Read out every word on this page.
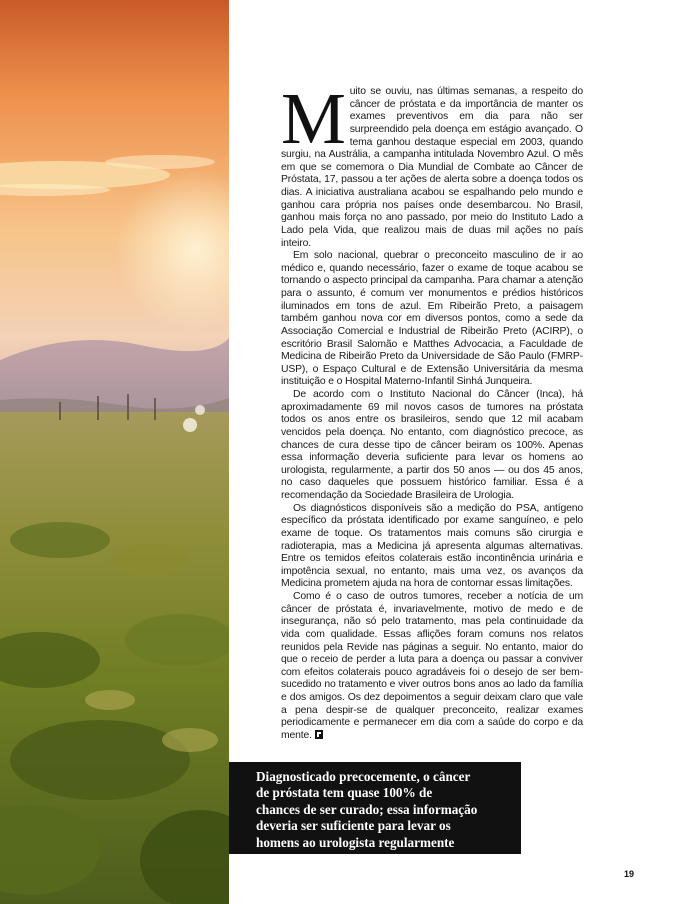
Muito se ouviu, nas últimas semanas, a respeito do câncer de próstata e da importância de manter os exames preventivos em dia para não ser surpreendido pela doença em estágio avançado. O tema ganhou destaque especial em 2003, quando surgiu, na Austrália, a campanha intitulada Novembro Azul. O mês em que se comemora o Dia Mundial de Combate ao Câncer de Próstata, 17, passou a ter ações de alerta sobre a doença todos os dias. A iniciativa australiana acabou se espalhando pelo mundo e ganhou cara própria nos países onde desembarcou. No Brasil, ganhou mais força no ano passado, por meio do Instituto Lado a Lado pela Vida, que realizou mais de duas mil ações no país inteiro.

Em solo nacional, quebrar o preconceito masculino de ir ao médico e, quando necessário, fazer o exame de toque acabou se tornando o aspecto principal da campanha. Para chamar a atenção para o assunto, é comum ver monumentos e prédios históricos iluminados em tons de azul. Em Ribeirão Preto, a paisagem também ganhou nova cor em diversos pontos, como a sede da Associação Comercial e Industrial de Ribeirão Preto (ACIRP), o escritório Brasil Salomão e Matthes Advocacia, a Faculdade de Medicina de Ribeirão Preto da Universidade de São Paulo (FMRP-USP), o Espaço Cultural e de Extensão Universitária da mesma instituição e o Hospital Materno-Infantil Sinhá Junqueira.

De acordo com o Instituto Nacional do Câncer (Inca), há aproximadamente 69 mil novos casos de tumores na próstata todos os anos entre os brasileiros, sendo que 12 mil acabam vencidos pela doença. No entanto, com diagnóstico precoce, as chances de cura desse tipo de câncer beiram os 100%. Apenas essa informação deveria suficiente para levar os homens ao urologista, regularmente, a partir dos 50 anos — ou dos 45 anos, no caso daqueles que possuem histórico familiar. Essa é a recomendação da Sociedade Brasileira de Urologia.

Os diagnósticos disponíveis são a medição do PSA, antígeno específico da próstata identificado por exame sanguíneo, e pelo exame de toque. Os tratamentos mais comuns são cirurgia e radioterapia, mas a Medicina já apresenta algumas alternativas. Entre os temidos efeitos colaterais estão incontinência urinária e impotência sexual, no entanto, mais uma vez, os avanços da Medicina prometem ajuda na hora de contornar essas limitações.

Como é o caso de outros tumores, receber a notícia de um câncer de próstata é, invariavelmente, motivo de medo e de insegurança, não só pelo tratamento, mas pela continuidade da vida com qualidade. Essas aflições foram comuns nos relatos reunidos pela Revide nas páginas a seguir. No entanto, maior do que o receio de perder a luta para a doença ou passar a conviver com efeitos colaterais pouco agradáveis foi o desejo de ser bem-sucedido no tratamento e viver outros bons anos ao lado da família e dos amigos. Os dez depoimentos a seguir deixam claro que vale a pena despir-se de qualquer preconceito, realizar exames periodicamente e permanecer em dia com a saúde do corpo e da mente.

Diagnosticado precocemente, o câncer
de próstata tem quase 100% de
chances de ser curado; essa informação
deveria ser suficiente para levar os
homens ao urologista regularmente
19
